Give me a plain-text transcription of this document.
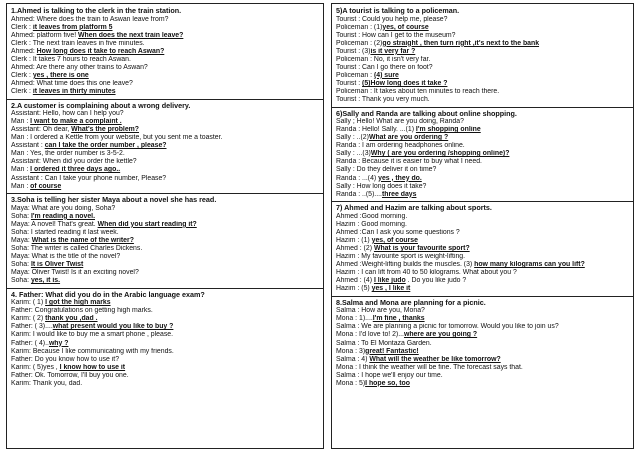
1.Ahmed is talking to the clerk in the train station.
Ahmed: Where does the train to Aswan leave from?
Clerk : it leaves from platform 5
Ahmed: platform five! When does the next train leave?
Clerk : The next train leaves in five minutes.
Ahmed: How long does it take to reach Aswan?
Clerk : It takes 7 hours to reach Aswan.
Ahmed: Are there any other trains to Aswan?
Clerk : yes , there is one
Ahmed: What time does this one leave?
Clerk : it leaves in thirty minutes
2.A customer is complaining about a wrong delivery.
Assistant: Hello, how can I help you?
Man : I want to make a complaint .
Assistant: Oh dear, What's the problem?
Man : I ordered a Kettle from your website, but you sent me a toaster.
Assistant : can I take the order number , please?
Man : Yes, the order number is 3-5-2.
Assistant: When did you order the kettle?
Man : I ordered it three days ago..
Assistant : Can I take your phone number, Please?
Man : of course
3.Soha is telling her sister Maya about a novel she has read.
Maya: What are you doing, Soha?
Soha: I'm reading a novel.
Maya: A novel! That's great. When did you start reading it?
Soha: I started reading it last week.
Maya: What is the name of the writer?
Soha: The writer is called Charles Dickens.
Maya: What is the title of the novel?
Soha: It is Oliver Twist
Maya: Oliver Twist! Is it an exciting novel?
Soha: yes, it is.
4. Father: What did you do in the Arabic language exam?
Karim: ( 1) I got the high marks
Father: Congratulations on getting high marks.
Karim: ( 2) thank you ,dad .
Father: ( 3)....what present would you like to buy ?
Karim: I would like to buy me a smart phone , please.
Father: ( 4)..why ?
Karim: Because I like communicating with my friends.
Father: Do you know how to use it?
Karim: ( 5)yes , I know how to use it
Father: Ok. Tomorrow, I'll buy you one.
Karim: Thank you, dad.
5)A tourist is talking to a policeman.
Tourist : Could you help me, please?
Policeman : (1)yes, of course
Tourist : How can I get to the museum?
Policeman : (2)go straight , then turn right ,it's next to the bank
Tourist : (3)is it very far ?
Policeman : No, it isn't very far.
Tourist : Can I go there on foot?
Policeman : (4) sure
Tourist : (5)How long does it take ?
Policeman : It takes about ten minutes to reach there.
Tourist : Thank you very much.
6)Sally and Randa are talking about online shopping.
Sally ; Hello! What are you doing, Randa?
Randa : Hello! Sally. ...(1) I'm shopping online
Sally : ..(2)What are you ordering ?
Randa : I am ordering headphones online.
Sally : ...(3)Why ( are you ordering /shopping online)?
Randa : Because it is easier to buy what I need.
Sally : Do they deliver it on time?
Randa : ...(4) yes , they do.
Sally : How long does it take?
Randa : ..(5)....three days
7) Ahmed and Hazim are talking about sports.
Ahmed :Good morning.
Hazim : Good morning.
Ahmed :Can I ask you some questions ?
Hazim : (1) yes, of course
Ahmed : (2) What is your favourite sport?
Hazim : My favourite sport is weight-lifting.
Ahmed :Weight-lifting builds the muscles. (3) how many kilograms can you lift?
Hazim : I can lift from 40 to 50 kilograms. What about you ?
Ahmed : (4) I like judo . Do you like judo ?
Hazim : (5) yes , I like it
8.Salma and Mona are planning for a picnic.
Salma : How are you, Mona?
Mona : 1)....I'm fine , thanks
Salma : We are planning a picnic for tomorrow. Would you like to join us?
Mona : I'd love to! 2)...where are you going ?
Salma : To El Montaza Garden.
Mona : 3)great! Fantastic!
Salma : 4) What will the weather be like tomorrow?
Mona : I think the weather will be fine. The forecast says that.
Salma : I hope we'll enjoy our time.
Mona : 5)I hope so, too
